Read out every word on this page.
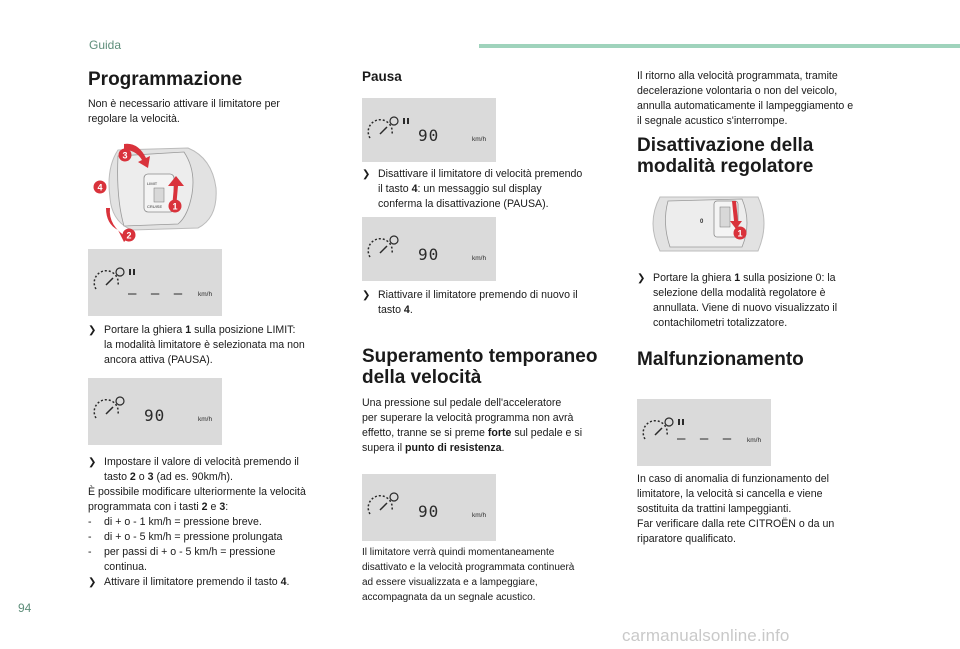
Guida
Programmazione
Non è necessario attivare il limitatore per
regolare la velocità.
LIMIT
CRUISE
3
4
1
2
– – – km/h
❯ Portare la ghiera 1 sulla posizione LIMIT:
la modalità limitatore è selezionata ma non
ancora attiva (PAUSA).
90	km/h
❯ Impostare il valore di velocità premendo il
tasto 2 o 3 (ad es. 90km/h).
È possibile modificare ulteriormente la velocità
programmata con i tasti 2 e 3:
- di + o - 1 km/h = pressione breve.
- di + o - 5 km/h = pressione prolungata
- per passi di + o - 5 km/h = pressione
continua.
❯ Attivare il limitatore premendo il tasto 4.
Pausa
90	km/h
❯ Disattivare il limitatore di velocità premendo
il tasto 4: un messaggio sul display
conferma la disattivazione (PAUSA).
90	km/h
❯ Riattivare il limitatore premendo di nuovo il
tasto 4.
Superamento temporaneo
della velocità
Una pressione sul pedale dell'acceleratore
per superare la velocità programma non avrà
effetto, tranne se si preme forte sul pedale e si
supera il punto di resistenza.
90	km/h
Il limitatore verrà quindi momentaneamente
disattivato e la velocità programmata continuerà
ad essere visualizzata e a lampeggiare,
accompagnata da un segnale acustico.
Il ritorno alla velocità programmata, tramite
decelerazione volontaria o non del veicolo,
annulla automaticamente il lampeggiamento e
il segnale acustico s'interrompe.
Disattivazione della
modalità regolatore
0
1
❯ Portare la ghiera 1 sulla posizione 0: la
selezione della modalità regolatore è
annullata. Viene di nuovo visualizzato il
contachilometri totalizzatore.
Malfunzionamento
– – – km/h
In caso di anomalia di funzionamento del
limitatore, la velocità si cancella e viene
sostituita da trattini lampeggianti.
Far verificare dalla rete CITROËN o da un
riparatore qualificato.
94
carmanualsonline.info
